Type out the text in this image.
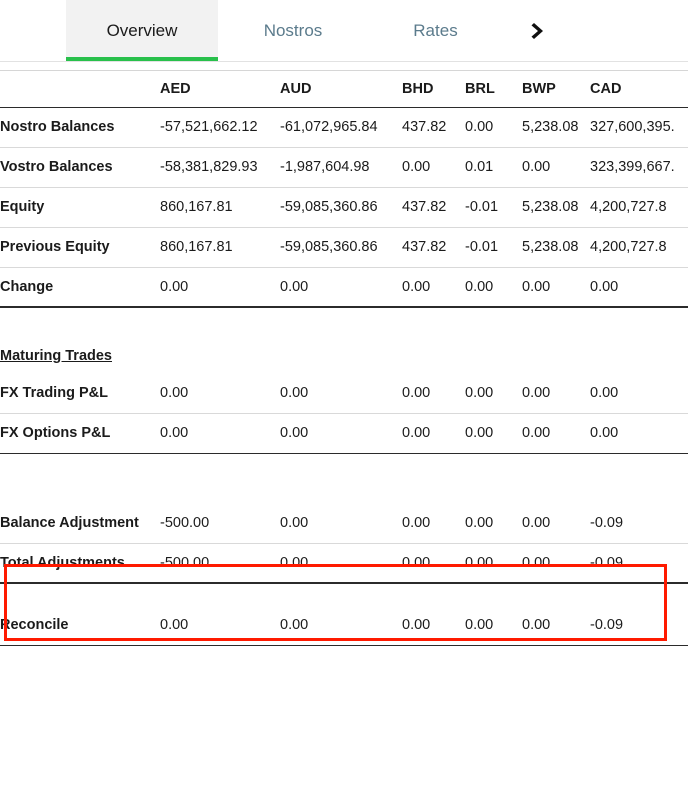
Overview	Nostros	Rates
	AED	AUD	BHD	BRL	BWP	CAD
Nostro Balances	-57,521,662.12	-61,072,965.84	437.82	0.00	5,238.08	327,600,395.
Vostro Balances	-58,381,829.93	-1,987,604.98	0.00	0.01	0.00	323,399,667.
Equity	860,167.81	-59,085,360.86	437.82	-0.01	5,238.08	4,200,727.8
Previous Equity	860,167.81	-59,085,360.86	437.82	-0.01	5,238.08	4,200,727.8
Change	0.00	0.00	0.00	0.00	0.00	0.00

Maturing Trades						
FX Trading P&L	0.00	0.00	0.00	0.00	0.00	0.00
FX Options P&L	0.00	0.00	0.00	0.00	0.00	0.00

Balance Adjustment	-500.00	0.00	0.00	0.00	0.00	-0.09
Total Adjustments	-500.00	0.00	0.00	0.00	0.00	-0.09

Reconcile	0.00	0.00	0.00	0.00	0.00	-0.09
